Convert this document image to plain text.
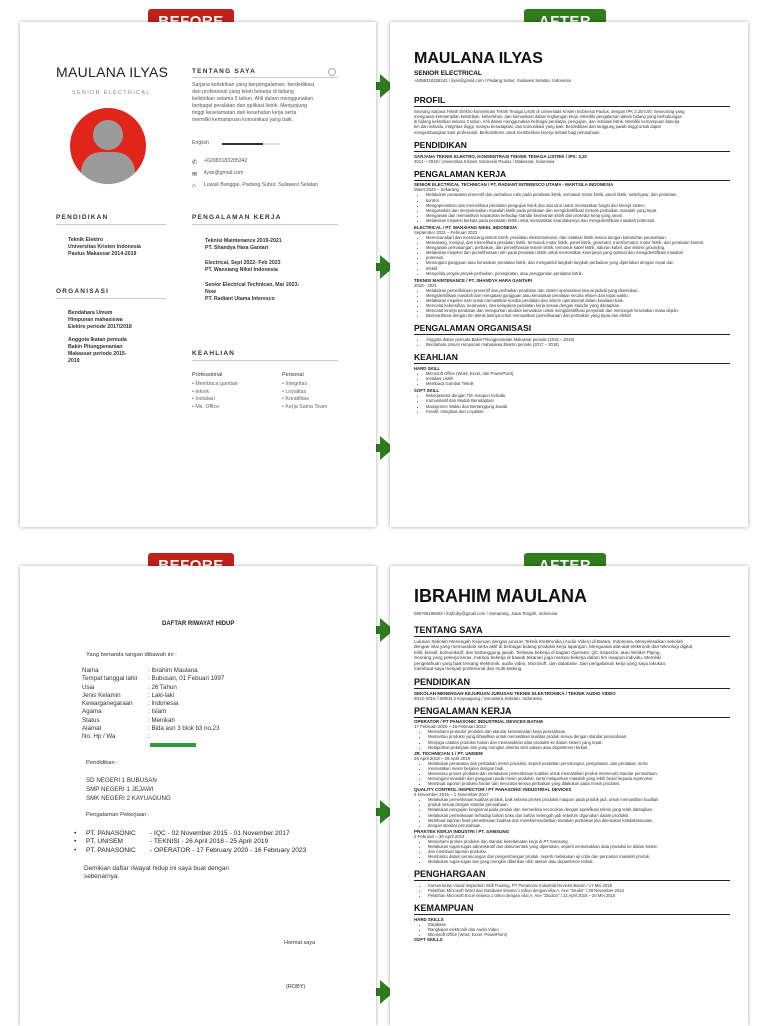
MAULANA ILYAS
SENIOR ELECTRICAL
TENTANG SAYA
Sarjana kelistrikan yang berpengalaman, berdedikasi,
dan profesional yang telah bekerja di bidang
kelistrikan selama 3 tahun. Ahli dalam menggunakan
berbagai peralatan dan aplikasi listrik. Menjunjung
tinggi keselamatan dan kesehatan kerja serta
memiliki kemampuan komunikasi yang baik.
English
✆ +62983183285342
✉ ilyas@gmail.com
⌂ Luwuk Banggai, Padang Subur, Sulawesi Selatan
PENDIDIKAN
Teknik Elektro
Universitas Kristen Indonesia
Paulus Makassar 2014-2019
ORGANISASI
Bendahara Umum
Himpunan mahasiswa
Elektro periode 2017/2018
Anggota Ikatan pemuda
Bakin Pitungpenanian
Makassar periode 2015-
2019
PENGALAMAN KERJA
Teknisi Maintenance 2019-2021
PT. Shandya Hara Gantari
Electrical, Sept 2022- Feb 2023
PT. Wanxiang Nikel Indonesia
Senior Electrical Technican, Mar 2023-
Now
PT. Radiant Utama Interesco
KEAHLIAN
Professional
• Membaca gambar
• teknik
• Instalasi
• Ms. Office
Personal
• Integritas
• Loyalitas
• Kreatifitas
• Kerja Sama Team
MAULANA ILYAS
SENIOR ELECTRICAL
+6298318328342 / ilyas@gmail.com / Padang Subur, Sulawesi Selatan, Indonesia
PROFIL
Seorang Sarjana Teknik Elektro konsentrasi Teknik Tenaga Listrik di Universitas Kristen Indonesia Paulus, dengan IPK 3.20/4.00. Seseorang yang
menguasai keterampilan kelistrikan, kebersihan, dan komunikasi dalam lingkungan kerja. Memiliki pengalaman dalam bidang yang berhubungan
di bidang kelistrikan selama 3 tahun. Ahli dalam menggunakan berbagai peralatan, pengujian, dan instalasi listrik. Memiliki kemampuan bekerja
tim dan individu, integritas tinggi, mampu beradaptasi, dan komunikasi yang baik. Berdedikasi dan tanggung jawab tinggi untuk dapat
mengembangkan karir profesional. Berkomitmen untuk memberikan kinerja terbaik bagi perusahaan.
PENDIDIKAN
SARJANA TEKNIK ELEKTRO, KONSENTRASI TEKNIK TENAGA LISTRIK / IPK: 3,20
2014 – 2019 / Universitas Kristen Indonesia Paulus / Makassar, Indonesia
PENGALAMAN KERJA
SENIOR ELECTRICAL TECHNICAN / PT. RADIANT INTERESCO UTAMA - MARTSILA INDONESIA
Maret 2023 – Sekarang
• Melakukan perawatan preventif dan perbaikan rutin pada peralatan listrik, termasuk motor listrik, panel listrik, switchgear, dan peralatan
• kontrol.
• Mengoperasikan dan memelihara peralatan pengujian listrik dan alat ukur untuk memastikan fungsi dan kinerja sistem.
• Menganalisis dan menyelesaikan masalah listrik pada peralatan dan mengidentifikasi metode perbaikan masalah yang tepat.
• Mengawasi dan memastikan kepatuhan terhadap standar keamanan listrik dan prosedur kerja yang aman.
• Melakukan inspeksi berkala pada peralatan listrik untuk memastikan keandalannya dan mengidentifikasi masalah potensial.
ELECTRICAL / PT. WANXIANG NIKEL INDONESIA
September 2021 – Februari 2023
• Merencanakan dan merancang sistem listrik, peralatan elektromekanis, dan instalasi listrik sesuai dengan kebutuhan perusahaan.
• Memasang, menguji, dan memelihara peralatan listrik, termasuk motor listrik, panel listrik, generator, transformator, motor listrik, dan peralatan kontrol.
• Mengawasi pemasangan, perbaikan, dan pemeliharaan sistem listrik, termasuk kabel listrik, saluran kabel, dan sistem grounding.
• Melakukan inspeksi dan pemeliharaan rutin pada peralatan listrik untuk memastikan kinerjanya yang optimal dan mengidentifikasi masalah
• potensial.
• Menangani gangguan atau kerusakan peralatan listrik, dan mengambil langkah-langkah perbaikan yang diperlukan dengan cepat dan
• efektif.
• Mengelola proyek-proyek perbaikan, peningkatan, atau penggantian peralatan listrik.
TEKNISI MAINTENANCE / PT. SHANDYA HARA GANTARI
2019 - 2021
• Melakukan pemeliharaan preventif dan perbaikan peralatan dan sistem operasional sesuai jadwal yang ditentukan.
• Mengidentifikasi masalah dan mengatasi gangguan atau kerusakan peralatan secara efisien dan tepat waktu.
• Melakukan inspeksi rutin untuk memastikan kondisi peralatan dan sistem operasional dalam keadaan baik.
• Mencatat kebersihan, keamanan, dan kelayakan peralatan kerja sesuai dengan standar yang ditetapkan.
• Mencatat kinerja peralatan dan melaporkan analisis kerusakan untuk mengidentifikasi penyebab dan mencegah kerusakan masa depan.
• Berkoordinasi dengan tim teknis lainnya untuk memastikan pemeliharaan dan perbaikan yang tepat dan efektif.
PENGALAMAN ORGANISASI
• Anggota Ikatan pemuda Bakin Pitungpenanian Makassar periode (2015 – 2019)
• Bendahara Umum Himpunan mahasiswa Elektro periode (2017 – 2018)
KEAHLIAN
HARD SKILL
• Microsoft Office (Word, Excel, dan PowerPoint)
• Instalasi Listrik
• Membaca Gambar Teknik
SOFT SKILL
• Bekerjasama dengan Tim maupun Individu
• Komunikatif dan Mudah Beradaptasi
• Manajemen Waktu dan Bertanggung Jawab
• Kreatif, Integritas dan Loyalitas
DAFTAR RIWAYAT HIDUP
Yang bertanda tangan dibawah ini :
Nama	: Ibrahim Maulana
Tempat tanggal lahir	: Bubusan, 01 Febuari 1997
Usia	: 26 Tahun
Jenis Kelamin	: Laki-laki
Kewarganegaraan	: Indonesia
Agama	: Islam
Status	: Menikah
Alamat	: Bida asri 3 blok b3 no.23
No. Hp / Wa	:
Pendidikan :
SD NEGERI 1 BUBUSAN
SMP NEGERI 1 JEJAWI
SMK NEGERI 2 KAYUAGUNG
Pengalaman Pekerjaan :
•	PT. PANASONIC	- IQC - 02 November 2015 - 01 November 2017
•	PT. UNISEM	- TEKNISI - 26 April 2018 - 25 April 2019
•	PT. PANASONIC	- OPERATOR - 17 February 2020 - 16 February 2023
Demikian daftar riwayat hidup ini saya buat dengan
sebenarnya.
Hormat saya
(ROBY)
IBRAHIM MAULANA
085768198602 / ibrjhoby@gmail.com / Semarang, Jawa Tengah, Indonesia
TENTANG SAYA
Lulusan Sekolah Menengah Kejuruan dengan jurusan Teknik Elektronika (Audio Video) di Batam, Indonesia. Menyelesaikan sekolah
dengan nilai yang memuaskan serta aktif di berbagai bidang produksi kerja lapangan. Menguasai alat-alat elektronik dan teknologi digital,
teliti, kreatif, komunikatif, dan bertanggung jawab. Terbiasa bekerja di bagian Operator, QC Inspector, atau Welder Piping.
Seorang yang pekerja keras, mampu bekerja di bawah tekanan juga mampu bekerja dalam tim maupun individu. Memiliki
pengetahuan yang baik tentang elektronik, audio video, Microsoft, dan database. Dari pengalaman kerja yang saya lakukan,
membuat saya menjadi profesional dan multi-tasking.
PENDIDIKAN
SEKOLAH MENENGAH KEJURUAN JURUSAN TEKNIK ELEKTRONIKA / TEKNIK AUDIO VIDEO
2012-2015 / SMKN 2 Kayuagung / Sumatera Selatan, Indonesia
PENGALAMAN KERJA
OPERATOR / PT PANASONIC INDUSTRIAL DEVICES BATAM
17 Februari 2020 – 16 Februari 2023
• Memahami prosedur produksi dan standar keselamatan kerja perusahaan.
• Memantau produksi yang dihasilkan untuk memastikan kualitas produk sesuai dengan standar perusahaan.
• Menjaga catatan produksi harian dan memasukkan data produksi ke dalam sistem yang tepat.
• Melaporkan pekerjaan lain yang mungkin diminta oleh atasan atau departemen terkait.
JR. TECHNICIAN 1 / PT. UNISEM
26 April 2018 – 25 April 2019
• Melakukan perawatan dan perbaikan mesin produksi, seperti peralatan pemotongan, pengelasan, dan peralatan, serta
• memastikan mesin berjalan dengan baik.
• Memantau proses produksi dan melakukan pemeriksaan kualitas untuk memastikan produk memenuhi standar perusahaan.
• Menangani masalah dan gangguan pada mesin produksi, serta melaporkan masalah yang lebih besar kepada supervisor.
• Membuat laporan produksi harian dan mencatat semua perbaikan yang dilakukan pada mesin produksi.
QUALITY CONTROL INSPECTOR / PT PANASONIC INDUSTRIAL DEVICES
2 November 2015 – 1 November 2017
• Melakukan pemeriksaan kualitas produk, baik selama proses produksi maupun pada produk jadi, untuk memastikan kualitas
• produk sesuai dengan standar perusahaan.
• Melakukan pengujian fungsional pada produk dan memeriksa kecocokan dengan spesifikasi teknis yang telah ditetapkan.
• Melakukan pemeriksaan terhadap bahan baku dan bahan setengah jadi sebelum digunakan dalam produksi.
• Membuat laporan hasil pemeriksaan kualitas dan merekomendasikan tindakan perbaikan jika ditemukan ketidaksesuaian
• dengan standar perusahaan.
PRAKTEK KERJA INDUSTRI / PT. SAMSUNG
2 Februari – 30 April 2014
• Memahami proses produksi dan standar keselamatan kerja di PT Samsung.
• Melakukan tugas-tugas administratif dan dokumentasi yang diperlukan, seperti memasukkan data produksi ke dalam sistem
• dan membuat laporan produksi.
• Membantu dalam perancangan dan pengembangan produk, seperti melakukan uji coba dan pencarian masalah produk.
• Melakukan tugas-tugas lain yang mungkin diberikan oleh atasan atau departemen terkait.
PENGHARGAAN
• Kursus kelas Visual Inspection Skill Training, PT Panasonic Industrial Devices Batam / 17 Mei 2018
• Pelatihan Microsoft Word dan Database selama 1 tahun dengan nilai A, Ane "Studio" / 28 November 2014
• Pelatihan Microsoft Excel selama 1 tahun dengan nilai A, Ane "Zludiox" / 22 April 2015 – 20 Mei 2015
KEMAMPUAN
HARD SKILLS
• Database
• Rangkaian elektronik dan Audio Video
• Microsoft Office (Word, Excel, PowerPoint)
SOFT SKILLS
